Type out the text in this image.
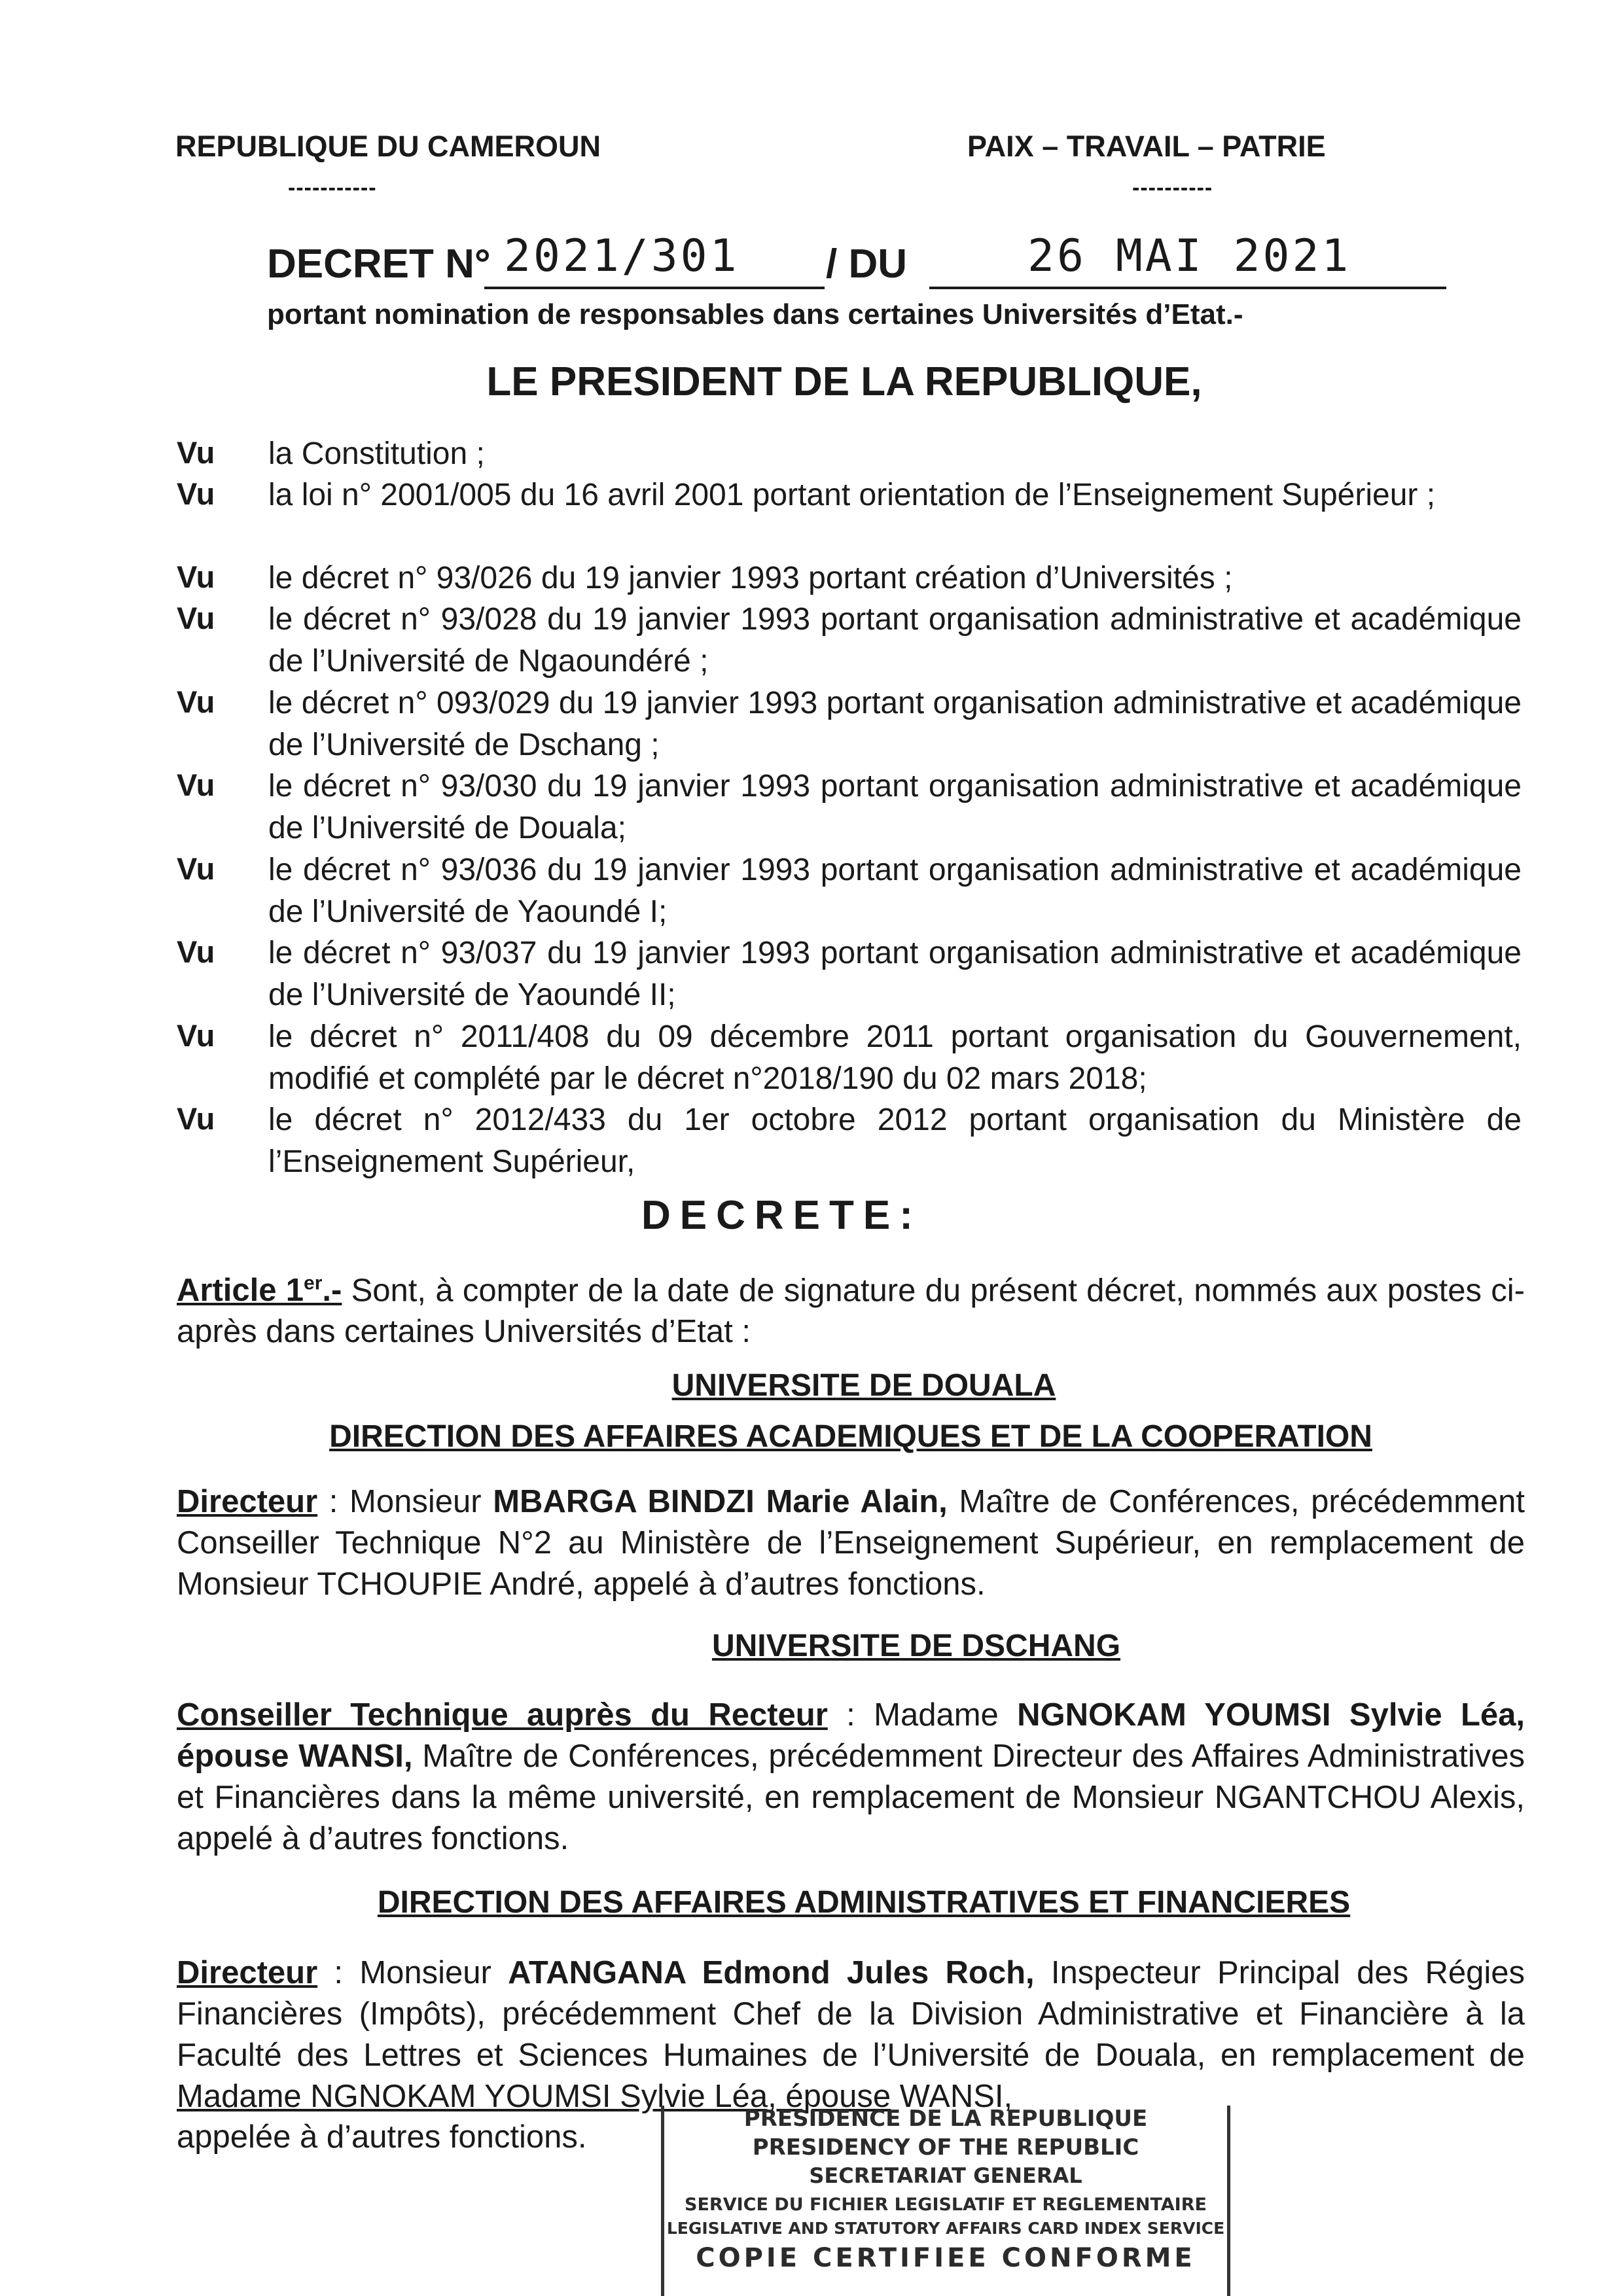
REPUBLIQUE DU CAMEROUN	PAIX – TRAVAIL – PATRIE
-----------	----------
DECRET N° 2021/301 / DU	26 MAI 2021
portant nomination de responsables dans certaines Universités d’Etat.-
LE PRESIDENT DE LA REPUBLIQUE,
Vu	la Constitution ;
Vu	la loi n° 2001/005 du 16 avril 2001 portant orientation de l’Enseignement Supérieur ;
Vu	le décret n° 93/026 du 19 janvier 1993 portant création d’Universités ;
Vu	le décret n° 93/028 du 19 janvier 1993 portant organisation administrative et académique de l’Université de Ngaoundéré ;
Vu	le décret n° 093/029 du 19 janvier 1993 portant organisation administrative et académique de l’Université de Dschang ;
Vu	le décret n° 93/030 du 19 janvier 1993 portant organisation administrative et académique de l’Université de Douala;
Vu	le décret n° 93/036 du 19 janvier 1993 portant organisation administrative et académique de l’Université de Yaoundé I;
Vu	le décret n° 93/037 du 19 janvier 1993 portant organisation administrative et académique de l’Université de Yaoundé II;
Vu	le décret n° 2011/408 du 09 décembre 2011 portant organisation du Gouvernement, modifié et complété par le décret n°2018/190 du 02 mars 2018;
Vu	le décret n° 2012/433 du 1er octobre 2012 portant organisation du Ministère de l’Enseignement Supérieur,
DECRETE:
Article 1er.- Sont, à compter de la date de signature du présent décret, nommés aux postes ci-après dans certaines Universités d’Etat :
UNIVERSITE DE DOUALA
DIRECTION DES AFFAIRES ACADEMIQUES ET DE LA COOPERATION
Directeur : Monsieur MBARGA BINDZI Marie Alain, Maître de Conférences, précédemment Conseiller Technique N°2 au Ministère de l’Enseignement Supérieur, en remplacement de Monsieur TCHOUPIE André, appelé à d’autres fonctions.
UNIVERSITE DE DSCHANG
Conseiller Technique auprès du Recteur : Madame NGNOKAM YOUMSI Sylvie Léa, épouse WANSI, Maître de Conférences, précédemment Directeur des Affaires Administratives et Financières dans la même université, en remplacement de Monsieur NGANTCHOU Alexis, appelé à d’autres fonctions.
DIRECTION DES AFFAIRES ADMINISTRATIVES ET FINANCIERES
Directeur : Monsieur ATANGANA Edmond Jules Roch, Inspecteur Principal des Régies Financières (Impôts), précédemment Chef de la Division Administrative et Financière à la Faculté des Lettres et Sciences Humaines de l’Université de Douala, en remplacement de Madame NGNOKAM YOUMSI Sylvie Léa, épouse WANSI,
appelée à d’autres fonctions.
PRESIDENCE DE LA REPUBLIQUE
PRESIDENCY OF THE REPUBLIC
SECRETARIAT GENERAL
SERVICE DU FICHIER LEGISLATIF ET REGLEMENTAIRE
LEGISLATIVE AND STATUTORY AFFAIRS CARD INDEX SERVICE
COPIE CERTIFIEE CONFORME
